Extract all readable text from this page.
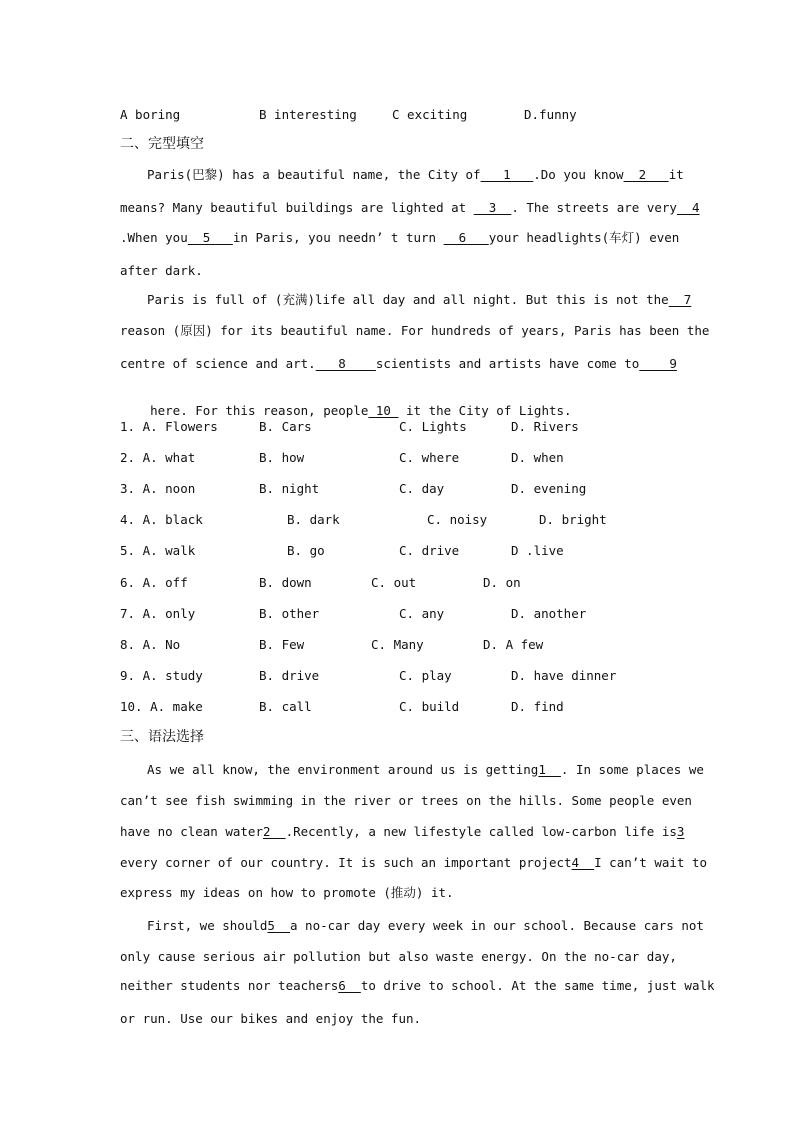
A boring	B interesting	C exciting	D.funny
二、完型填空
Paris(巴黎) has a beautiful name, the City of   1   .Do you know  2   it
means? Many beautiful buildings are lighted at   3  . The streets are very  4
.When you  5   in Paris, you needn’ t turn   6   your headlights(车灯) even
after dark.
Paris is full of (充满)life all day and all night. But this is not the  7
reason (原因) for its beautiful name. For hundreds of years, Paris has been the
centre of science and art.   8    scientists and artists have come to    9

here. For this reason, people 10  it the City of Lights.

1. A. Flowers	B. Cars	C. Lights	D. Rivers
2. A. what	B. how	C. where	D. when
3. A. noon	B. night	C. day	D. evening
4. A. black	B. dark	C. noisy	D. bright
5. A. walk	B. go	C. drive	D .live
6. A. off	B. down	C. out	D. on
7. A. only	B. other	C. any	D. another
8. A. No	B. Few	C. Many	D. A few
9. A. study	B. drive	C. play	D. have dinner
10. A. make	B. call	C. build	D. find
三、语法选择
As we all know, the environment around us is getting1  . In some places we
can’t see fish swimming in the river or trees on the hills. Some people even
have no clean water2  .Recently, a new lifestyle called low-carbon life is3
every corner of our country. It is such an important project4  I can’t wait to
express my ideas on how to promote (推动) it.
First, we should5  a no-car day every week in our school. Because cars not
only cause serious air pollution but also waste energy. On the no-car day,
neither students nor teachers6  to drive to school. At the same time, just walk
or run. Use our bikes and enjoy the fun.
